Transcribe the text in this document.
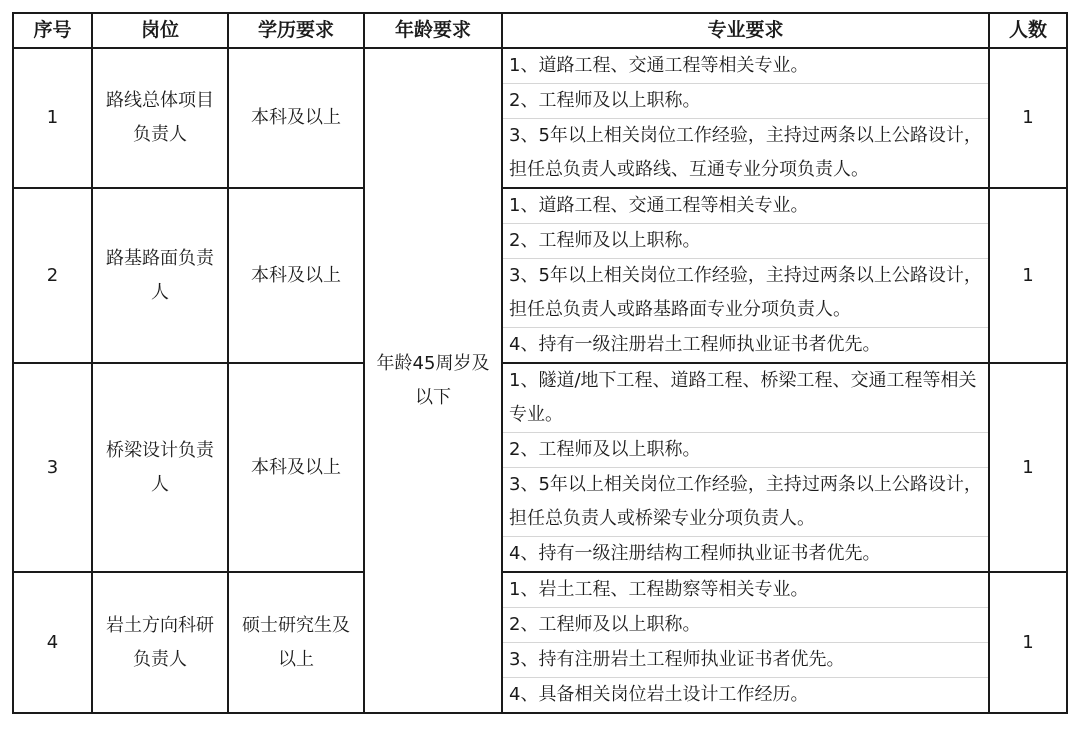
序号	岗位	学历要求	年龄要求	专业要求	人数
1	路线总体项目负责人	本科及以上	年龄45周岁及以下	1、道路工程、交通工程等相关专业。	1
				2、工程师及以上职称。	
				3、5年以上相关岗位工作经验，主持过两条以上公路设计，担任总负责人或路线、互通专业分项负责人。	
2	路基路面负责人	本科及以上		1、道路工程、交通工程等相关专业。	1
				2、工程师及以上职称。	
				3、5年以上相关岗位工作经验，主持过两条以上公路设计，担任总负责人或路基路面专业分项负责人。	
				4、持有一级注册岩土工程师执业证书者优先。	
3	桥梁设计负责人	本科及以上		1、隧道/地下工程、道路工程、桥梁工程、交通工程等相关专业。	1
				2、工程师及以上职称。	
				3、5年以上相关岗位工作经验，主持过两条以上公路设计，担任总负责人或桥梁专业分项负责人。	
				4、持有一级注册结构工程师执业证书者优先。	
4	岩土方向科研负责人	硕士研究生及以上		1、岩土工程、工程勘察等相关专业。	1
				2、工程师及以上职称。	
				3、持有注册岩土工程师执业证书者优先。	
				4、具备相关岗位岩土设计工作经历。	
